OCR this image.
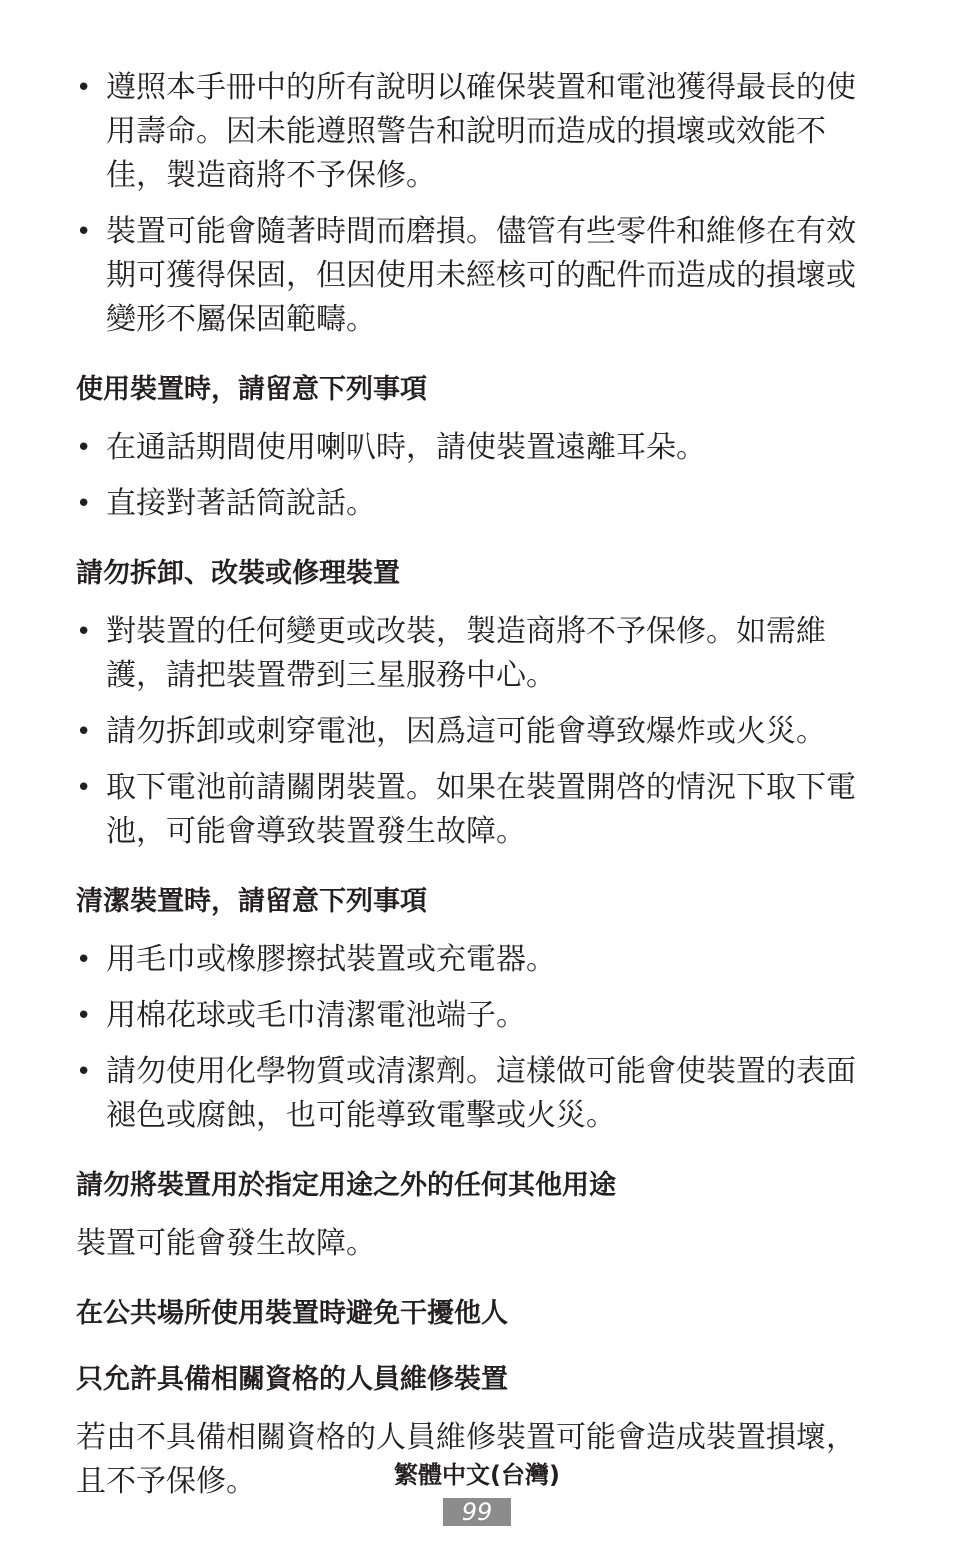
• 遵照本手冊中的所有說明以確保裝置和電池獲得最長的使用壽命。因未能遵照警告和說明而造成的損壞或效能不佳，製造商將不予保修。
• 裝置可能會隨著時間而磨損。儘管有些零件和維修在有效期可獲得保固，但因使用未經核可的配件而造成的損壞或變形不屬保固範疇。
使用裝置時，請留意下列事項
• 在通話期間使用喇叭時，請使裝置遠離耳朵。
• 直接對著話筒說話。
請勿拆卸、改裝或修理裝置
• 對裝置的任何變更或改裝，製造商將不予保修。如需維護，請把裝置帶到三星服務中心。
• 請勿拆卸或刺穿電池，因爲這可能會導致爆炸或火災。
• 取下電池前請關閉裝置。如果在裝置開啓的情況下取下電池，可能會導致裝置發生故障。
清潔裝置時，請留意下列事項
• 用毛巾或橡膠擦拭裝置或充電器。
• 用棉花球或毛巾清潔電池端子。
• 請勿使用化學物質或清潔劑。這樣做可能會使裝置的表面褪色或腐蝕，也可能導致電擊或火災。
請勿將裝置用於指定用途之外的任何其他用途

裝置可能會發生故障。

在公共場所使用裝置時避免干擾他人
只允許具備相關資格的人員維修裝置

若由不具備相關資格的人員維修裝置可能會造成裝置損壞，且不予保修。	繁體中文(台灣)
99
